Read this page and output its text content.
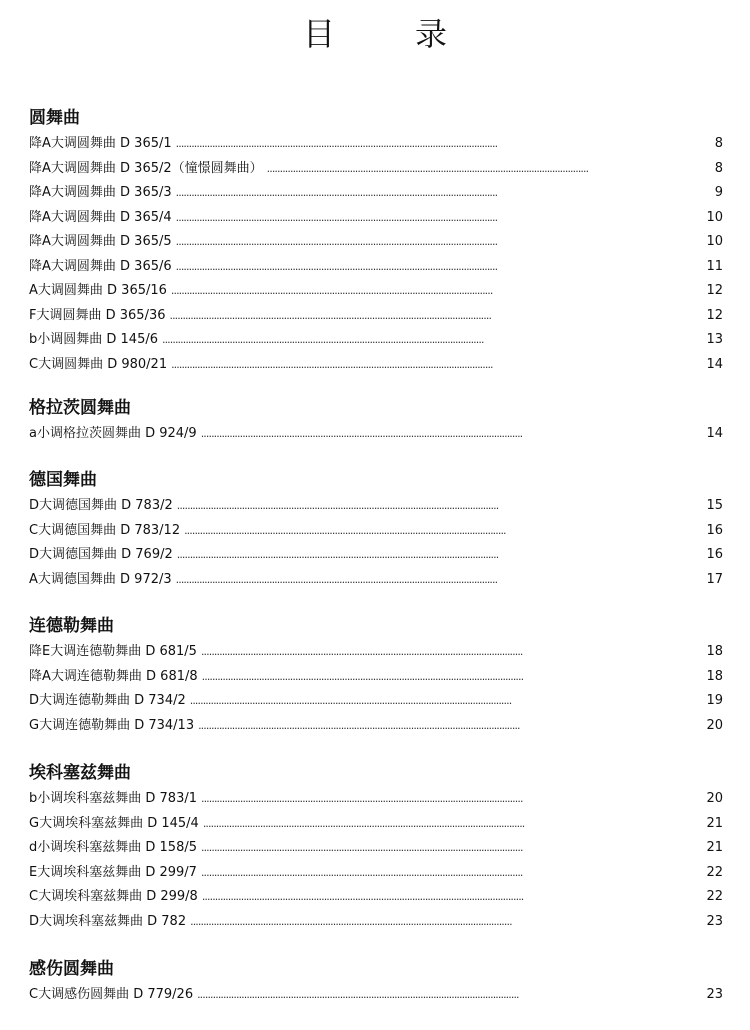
目　录
圆舞曲
降A大调圆舞曲 D 365/1 . . .	8
降A大调圆舞曲 D 365/2（憧憬圆舞曲） . . .	8
降A大调圆舞曲 D 365/3 . . .	9
降A大调圆舞曲 D 365/4 . . .	10
降A大调圆舞曲 D 365/5 . . .	10
降A大调圆舞曲 D 365/6 . . .	11
A大调圆舞曲 D 365/16 . . .	12
F大调圆舞曲 D 365/36 . . .	12
b小调圆舞曲 D 145/6 . . .	13
C大调圆舞曲 D 980/21 . . .	14
格拉茨圆舞曲
a小调格拉茨圆舞曲 D 924/9 . . .	14
德国舞曲
D大调德国舞曲 D 783/2 . . .	15
C大调德国舞曲 D 783/12 . . .	16
D大调德国舞曲 D 769/2 . . .	16
A大调德国舞曲 D 972/3 . . .	17
连德勒舞曲
降E大调连德勒舞曲 D 681/5 . . .	18
降A大调连德勒舞曲 D 681/8 . . .	18
D大调连德勒舞曲 D 734/2 . . .	19
G大调连德勒舞曲 D 734/13 . . .	20
埃科塞兹舞曲
b小调埃科塞兹舞曲 D 783/1 . . .	20
G大调埃科塞兹舞曲 D 145/4 . . .	21
d小调埃科塞兹舞曲 D 158/5 . . .	21
E大调埃科塞兹舞曲 D 299/7 . . .	22
C大调埃科塞兹舞曲 D 299/8 . . .	22
D大调埃科塞兹舞曲 D 782 . . .	23
感伤圆舞曲
C大调感伤圆舞曲 D 779/26 . . .	23
